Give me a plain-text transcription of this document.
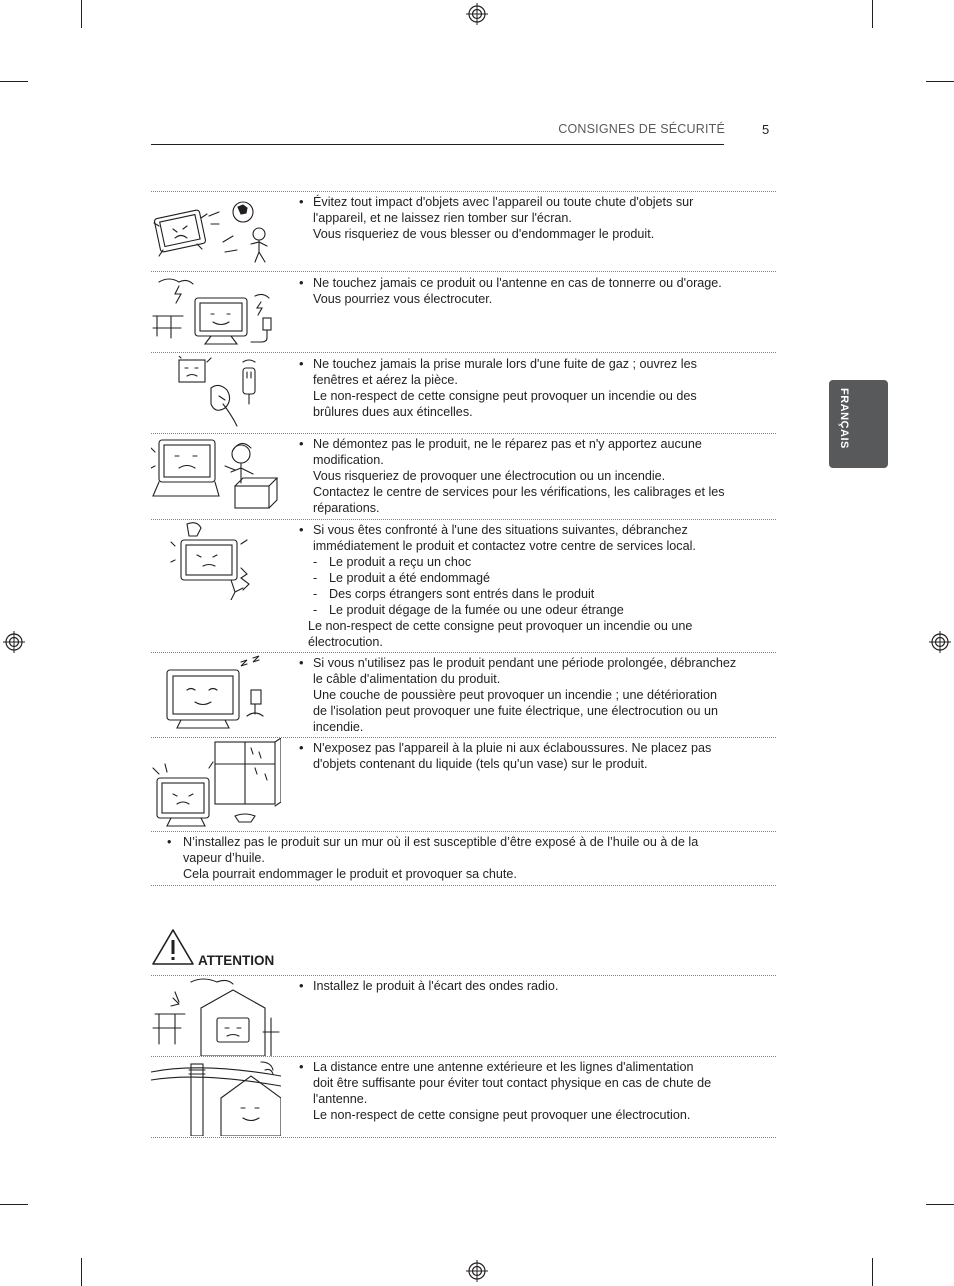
CONSIGNES DE SÉCURITÉ	5
FRANÇAIS

• Évitez tout impact d'objets avec l'appareil ou toute chute d'objets sur

l'appareil, et ne laissez rien tomber sur l'écran.

Vous risqueriez de vous blesser ou d'endommager le produit.

• Ne touchez jamais ce produit ou l'antenne en cas de tonnerre ou d'orage.

Vous pourriez vous électrocuter.

• Ne touchez jamais la prise murale lors d'une fuite de gaz ; ouvrez les

fenêtres et aérez la pièce.

Le non-respect de cette consigne peut provoquer un incendie ou des

brûlures dues aux étincelles.

• Ne démontez pas le produit, ne le réparez pas et n'y apportez aucune

modification.

Vous risqueriez de provoquer une électrocution ou un incendie.

Contactez le centre de services pour les vérifications, les calibrages et les

réparations.

• Si vous êtes confronté à l'une des situations suivantes, débranchez

immédiatement le produit et contactez votre centre de services local.

- Le produit a reçu un choc

- Le produit a été endommagé

- Des corps étrangers sont entrés dans le produit

- Le produit dégage de la fumée ou une odeur étrange

Le non-respect de cette consigne peut provoquer un incendie ou une

électrocution.

• Si vous n'utilisez pas le produit pendant une période prolongée, débranchez

le câble d'alimentation du produit.

Une couche de poussière peut provoquer un incendie ; une détérioration

de l'isolation peut provoquer une fuite électrique, une électrocution ou un

incendie.

• N'exposez pas l'appareil à la pluie ni aux éclaboussures. Ne placez pas

d'objets contenant du liquide (tels qu'un vase) sur le produit.

• N’installez pas le produit sur un mur où il est susceptible d’être exposé à de l’huile ou à de la

vapeur d’huile.

Cela pourrait endommager le produit et provoquer sa chute.

ATTENTION

• Installez le produit à l'écart des ondes radio.

• La distance entre une antenne extérieure et les lignes d'alimentation

doit être suffisante pour éviter tout contact physique en cas de chute de

l'antenne.

Le non-respect de cette consigne peut provoquer une électrocution.
